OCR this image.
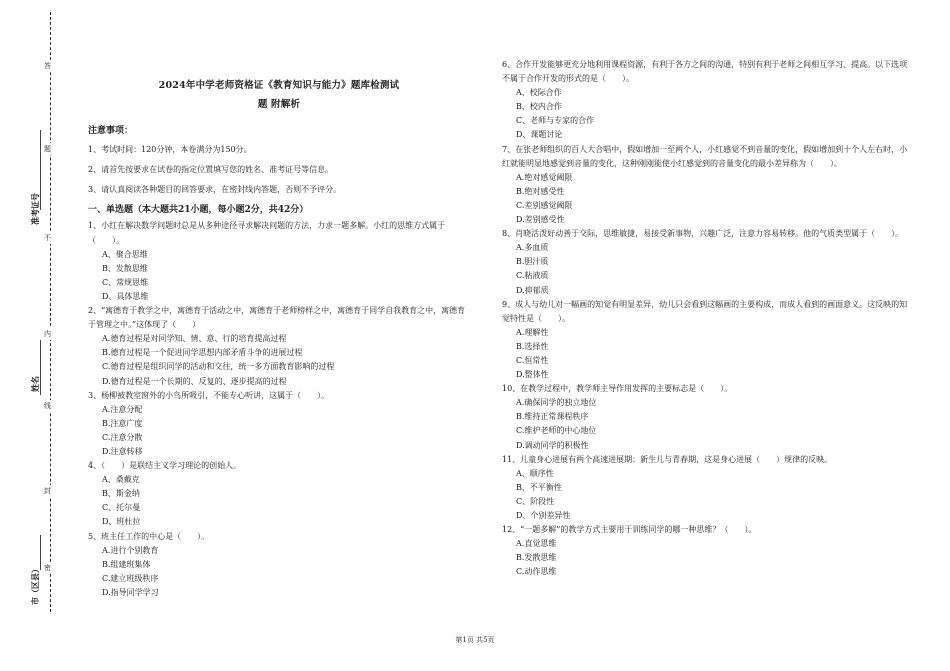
答
题
不
内
线
封
密
准考证号
姓名
市（区县）
2024年中学老师资格证《教育知识与能力》题库检测试
题 附解析
注意事项：
1、考试时间：120分钟，本卷满分为150分。
2、请首先按要求在试卷的指定位置填写您的姓名、准考证号等信息。
3、请认真阅读各种题目的回答要求，在密封线内答题，否则不予评分。
一、单选题（本大题共21小题，每小题2分，共42分）
1、小红在解决数学问题时总是从多种途径寻求解决问题的方法，力求一题多解。小红的思维方式属于（　　）。
A、聚合思维
B、发散思维
C、常规思维
D、具体思维
2、“寓德育于教学之中，寓德育于活动之中，寓德育于老师榜样之中，寓德育于同学自我教育之中，寓德育于管理之中。”这体现了（　　）
A.德育过程是对同学知、情、意、行的培育提高过程
B.德育过程是一个促进同学思想内部矛盾斗争的进展过程
C.德育过程是组织同学的活动和交往，统一多方面教育影响的过程
D.德育过程是一个长期的、反复的、逐步提高的过程
3、杨柳被教室窗外的小鸟所吸引，不能专心听讲，这属于（　　）。
A.注意分配
B.注意广度
C.注意分散
D.注意转移
4、（　　）是联结主义学习理论的创始人。
A、桑戴克
B、斯金纳
C、托尔曼
D、班杜拉
5、班主任工作的中心是（　　）。
A.进行个别教育
B.组建班集体
C.建立班级秩序
D.指导同学学习
6、合作开发能够更充分地利用课程资源，有利于各方之间的沟通，特别有利于老师之间相互学习、提高。以下选项不属于合作开发的形式的是（　　）。
A、校际合作
B、校内合作
C、老师与专家的合作
D、课题讨论
7、在张老师组织的百人大合唱中，假如增加一至两个人，小红感觉不到音量的变化，假如增加到十个人左右时，小红就能明显地感觉到音量的变化，这种刚刚能使小红感觉到的音量变化的最小差异称为（　　）。
A.绝对感觉阈限
B.绝对感受性
C.差别感觉阈限
D.差别感受性
8、肖晓活泼好动善于交际，思维敏捷，易接受新事物，兴趣广泛，注意力容易转移。他的气质类型属于（　　）。
A.多血质
B.胆汁质
C.粘液质
D.抑郁质
9、成人与幼儿对一幅画的知觉有明显差异，幼儿只会看到这幅画的主要构成，而成人看到的画面意义。这反映的知觉特性是（　　）。
A.理解性
B.选择性
C.恒常性
D.整体性
10、在教学过程中，教学师主导作用发挥的主要标志是（　　）。
A.确保同学的独立地位
B.维持正常课程秩序
C.维护老师的中心地位
D.调动同学的积极性
11、儿童身心进展有两个高速进展期：新生儿与青春期，这是身心进展（　　）规律的反映。
A、顺序性
B、不平衡性
C、阶段性
D、个别差异性
12、“一题多解”的教学方式主要用于训练同学的哪一种思维？（　　）。
A.直觉思维
B.发散思维
C.动作思维
第1页 共5页
